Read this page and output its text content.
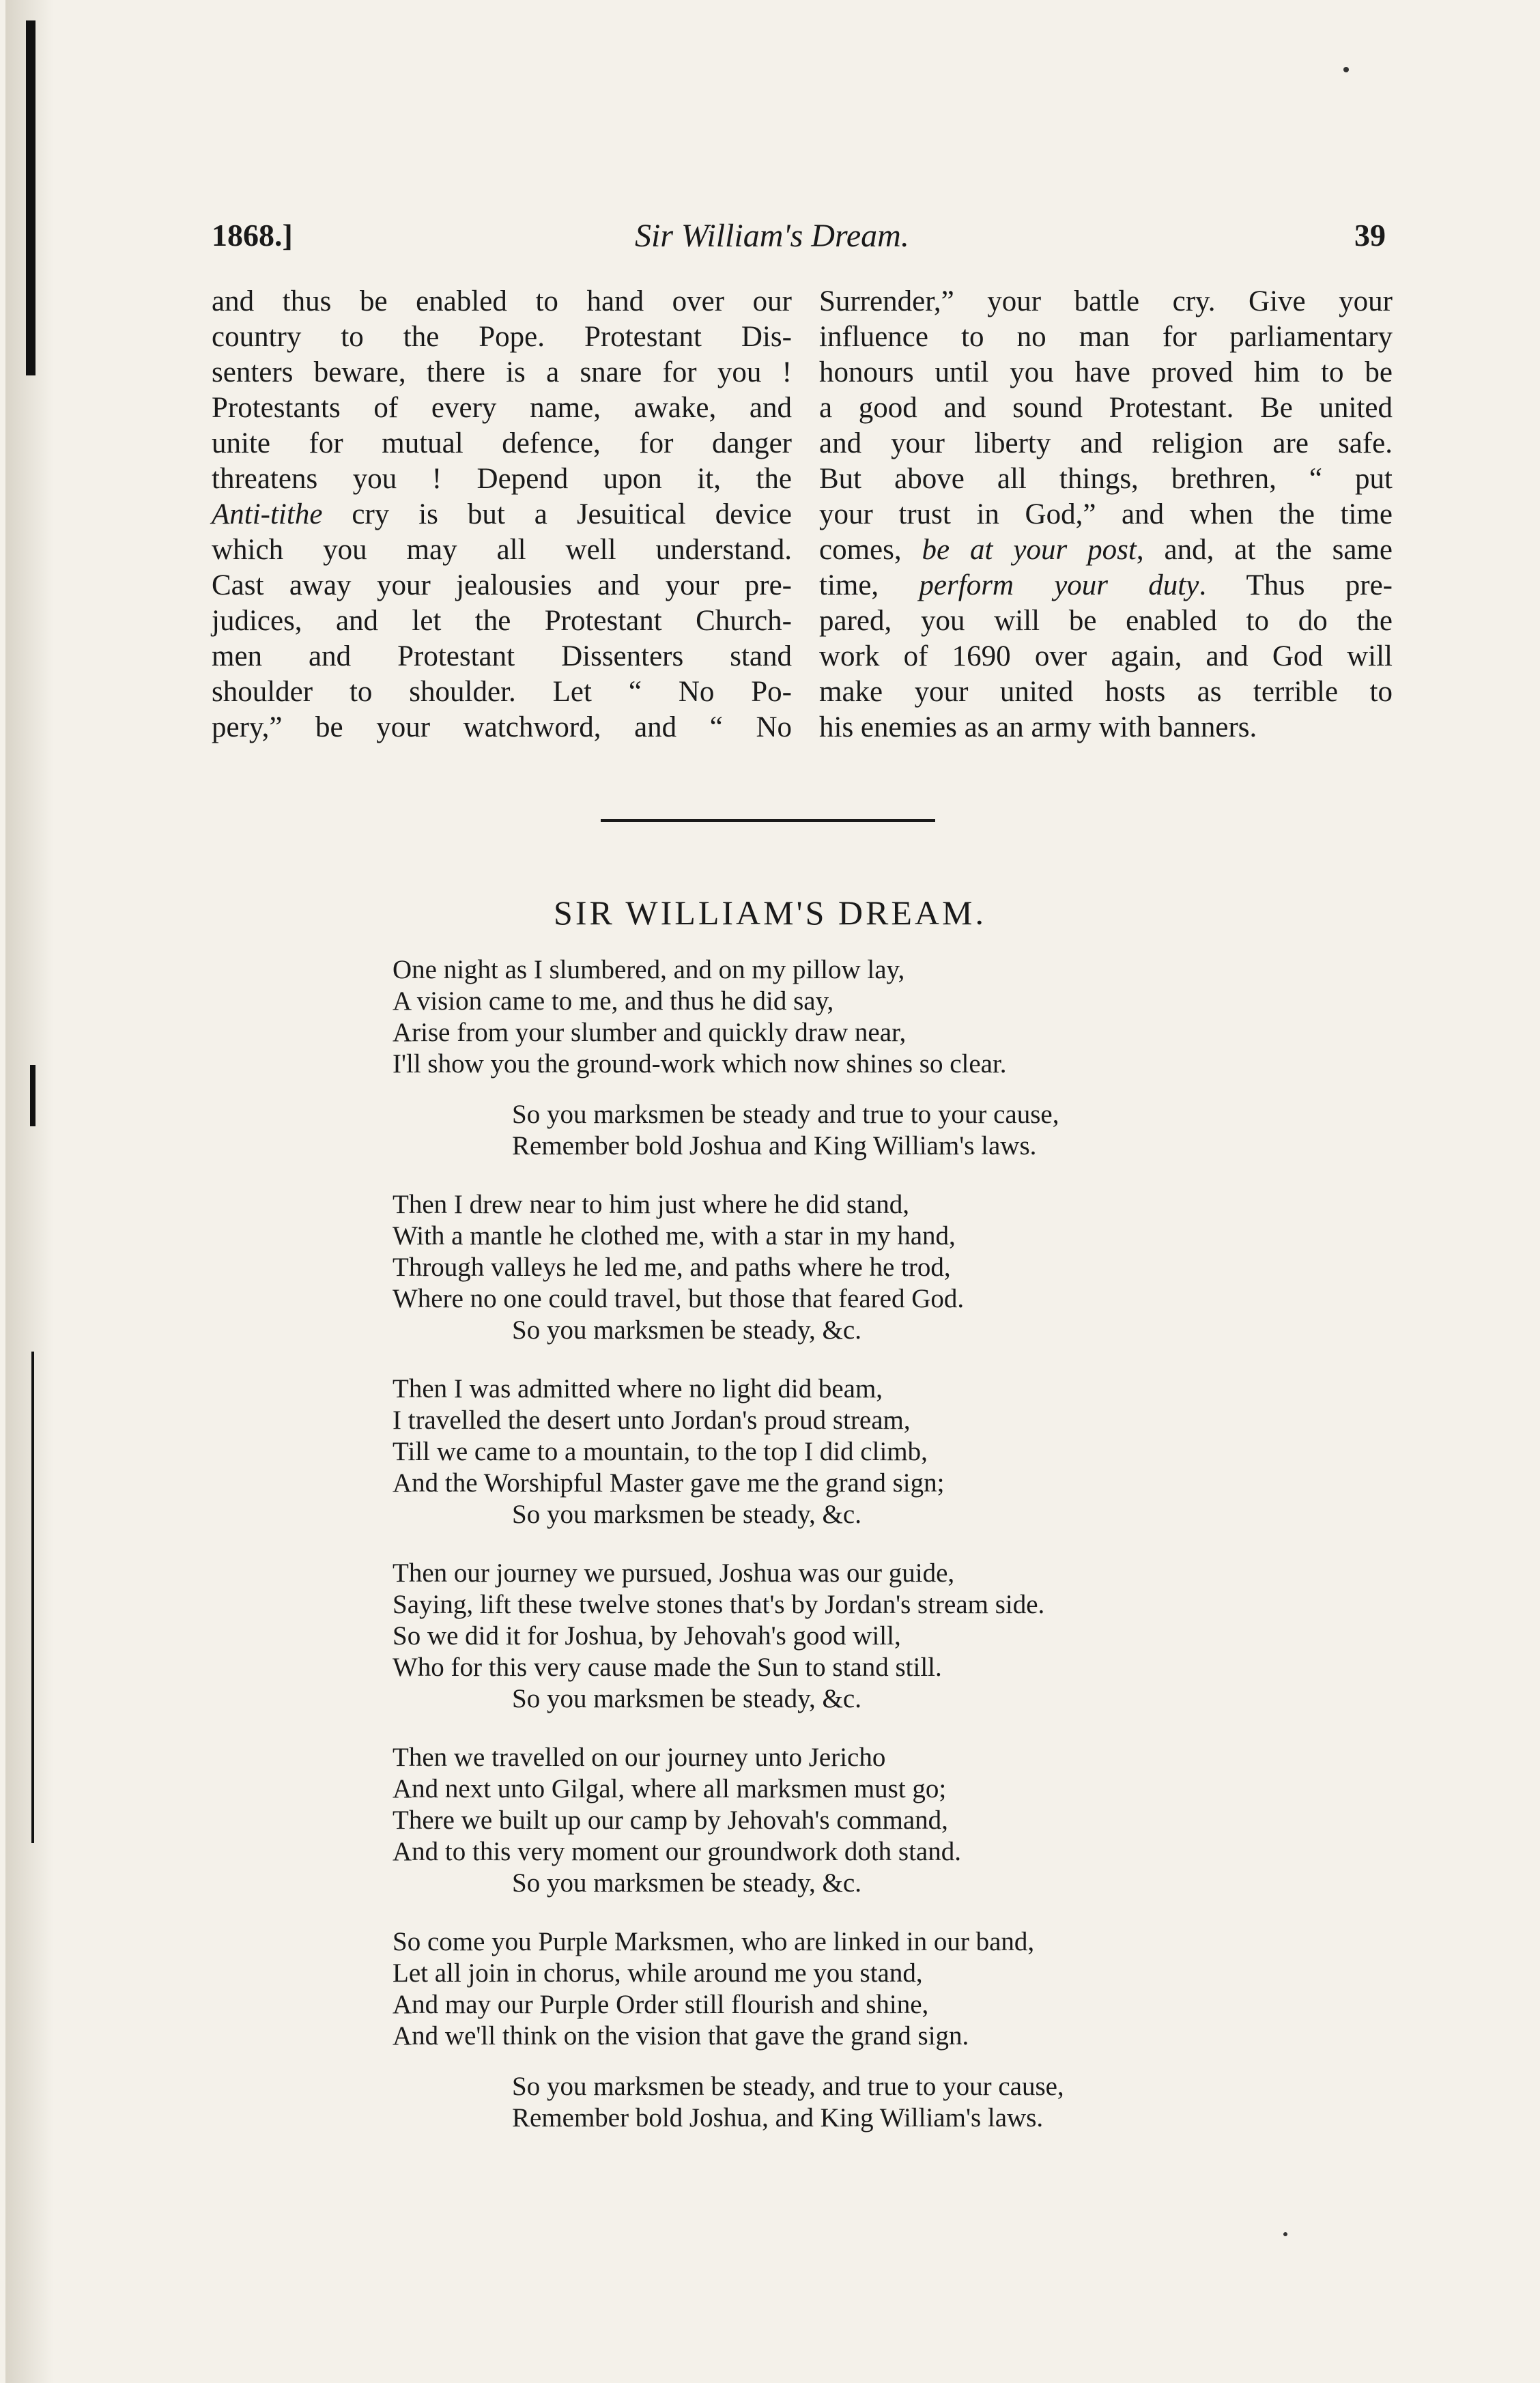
1868.]	Sir William's Dream.	39
and thus be enabled to hand over our
country to the Pope. Protestant Dis-
senters beware, there is a snare for you !
Protestants of every name, awake, and
unite for mutual defence, for danger
threatens you ! Depend upon it, the
Anti-tithe cry is but a Jesuitical device
which you may all well understand.
Cast away your jealousies and your pre-
judices, and let the Protestant Church-
men and Protestant Dissenters stand
shoulder to shoulder. Let “ No Po-
pery,” be your watchword, and “ No
Surrender,” your battle cry. Give your
influence to no man for parliamentary
honours until you have proved him to be
a good and sound Protestant. Be united
and your liberty and religion are safe.
But above all things, brethren, “ put
your trust in God,” and when the time
comes, be at your post, and, at the same
time, perform your duty. Thus pre-
pared, you will be enabled to do the
work of 1690 over again, and God will
make your united hosts as terrible to
his enemies as an army with banners.
SIR WILLIAM'S DREAM.
One night as I slumbered, and on my pillow lay,
A vision came to me, and thus he did say,
Arise from your slumber and quickly draw near,
I'll show you the ground-work which now shines so clear.
So you marksmen be steady and true to your cause,
Remember bold Joshua and King William's laws.
Then I drew near to him just where he did stand,
With a mantle he clothed me, with a star in my hand,
Through valleys he led me, and paths where he trod,
Where no one could travel, but those that feared God.
So you marksmen be steady, &c.
Then I was admitted where no light did beam,
I travelled the desert unto Jordan's proud stream,
Till we came to a mountain, to the top I did climb,
And the Worshipful Master gave me the grand sign;
So you marksmen be steady, &c.
Then our journey we pursued, Joshua was our guide,
Saying, lift these twelve stones that's by Jordan's stream side.
So we did it for Joshua, by Jehovah's good will,
Who for this very cause made the Sun to stand still.
So you marksmen be steady, &c.
Then we travelled on our journey unto Jericho
And next unto Gilgal, where all marksmen must go;
There we built up our camp by Jehovah's command,
And to this very moment our groundwork doth stand.
So you marksmen be steady, &c.
So come you Purple Marksmen, who are linked in our band,
Let all join in chorus, while around me you stand,
And may our Purple Order still flourish and shine,
And we'll think on the vision that gave the grand sign.
So you marksmen be steady, and true to your cause,
Remember bold Joshua, and King William's laws.
